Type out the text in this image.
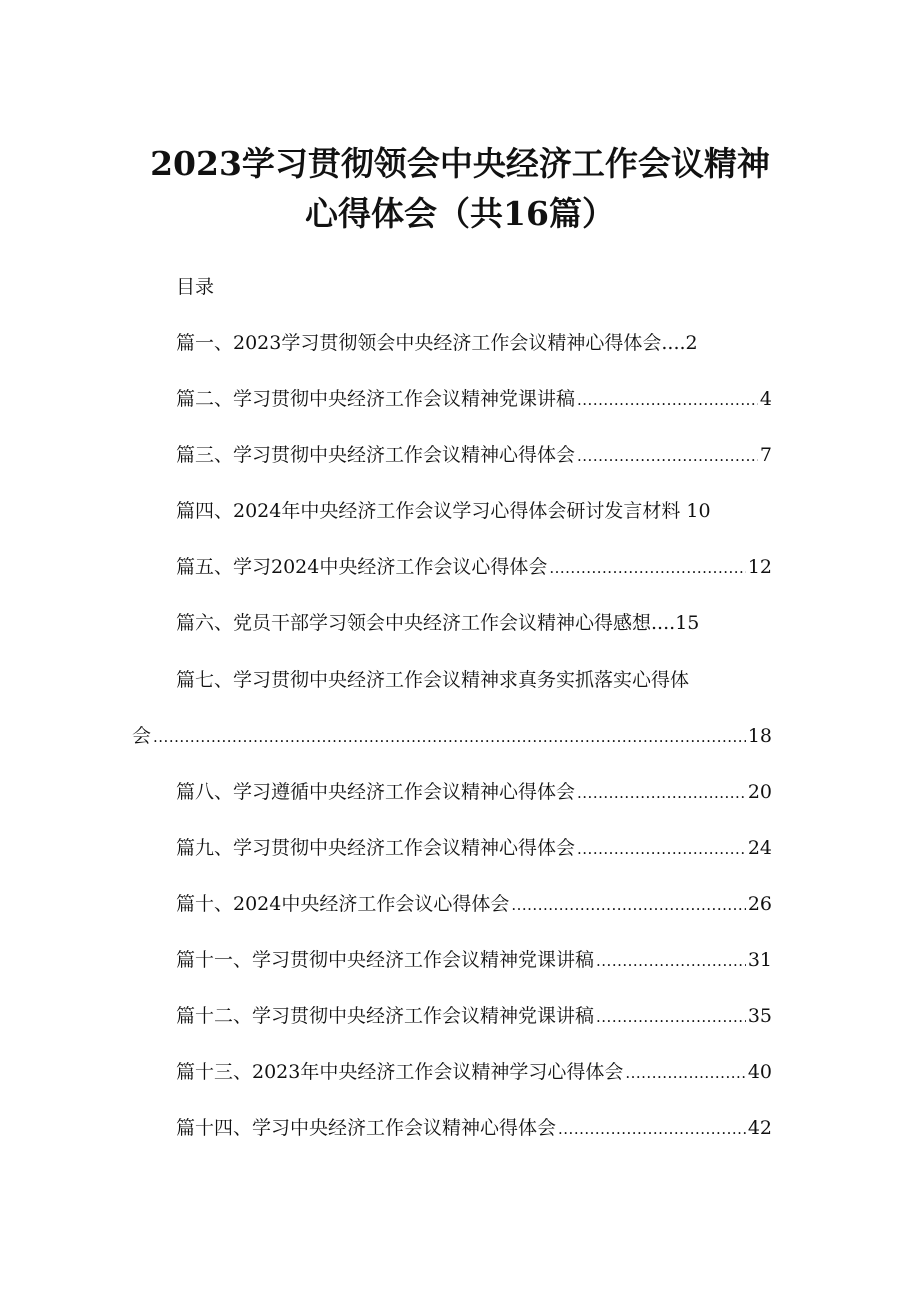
2023学习贯彻领会中央经济工作会议精神
心得体会（共16篇）
目录
篇一、2023学习贯彻领会中央经济工作会议精神心得体会 .... 2
篇二、学习贯彻中央经济工作会议精神党课讲稿 .....	4
篇三、学习贯彻中央经济工作会议精神心得体会 .....	7
篇四、2024年中央经济工作会议学习心得体会研讨发言材料 10
篇五、学习2024中央经济工作会议心得体会 .....	12
篇六、党员干部学习领会中央经济工作会议精神心得感想 .... 15
篇七、学习贯彻中央经济工作会议精神求真务实抓落实心得体
会 .....	18
篇八、学习遵循中央经济工作会议精神心得体会 .....	20
篇九、学习贯彻中央经济工作会议精神心得体会 .....	24
篇十、2024中央经济工作会议心得体会 .....	26
篇十一、学习贯彻中央经济工作会议精神党课讲稿 .....	31
篇十二、学习贯彻中央经济工作会议精神党课讲稿 .....	35
篇十三、2023年中央经济工作会议精神学习心得体会 .....	40
篇十四、学习中央经济工作会议精神心得体会 .....	42
